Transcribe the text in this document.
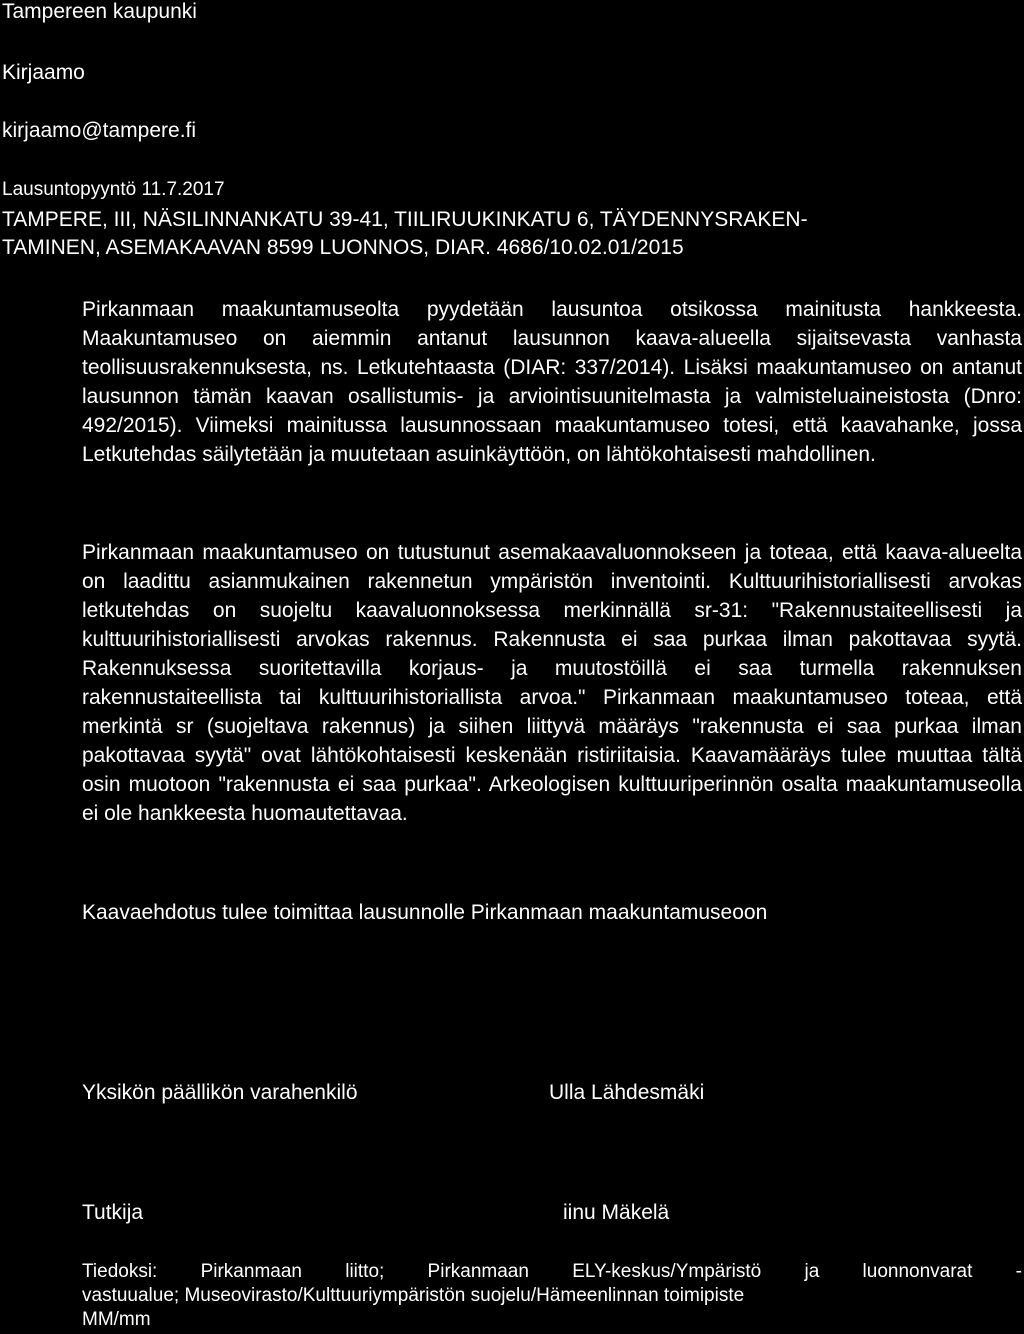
Tampereen kaupunki
Kirjaamo
kirjaamo@tampere.fi
Lausuntopyyntö 11.7.2017
TAMPERE, III, NÄSILINNANKATU 39-41, TIILIRUUKINKATU 6, TÄYDENNYSRAKEN-
TAMINEN, ASEMAKAAVAN 8599 LUONNOS, DIAR. 4686/10.02.01/2015

Pirkanmaan maakuntamuseolta pyydetään lausuntoa otsikossa mainitusta hankkeesta. Maakuntamuseo on aiemmin antanut lausunnon kaava-alueella sijaitsevasta vanhasta teollisuusrakennuksesta, ns. Letkutehtaasta (DIAR: 337/2014). Lisäksi maakuntamuseo on antanut lausunnon tämän kaavan osallistumis- ja arviointisuunitelmasta ja valmisteluaineistosta (Dnro: 492/2015). Viimeksi mainitussa lausunnossaan maakuntamuseo totesi, että kaavahanke, jossa Letkutehdas säilytetään ja muutetaan asuinkäyttöön, on lähtökohtaisesti mahdollinen.

Pirkanmaan maakuntamuseo on tutustunut asemakaavaluonnokseen ja toteaa, että kaava-alueelta on laadittu asianmukainen rakennetun ympäristön inventointi. Kulttuurihistoriallisesti arvokas letkutehdas on suojeltu kaavaluonnoksessa merkinnällä sr-31: "Rakennustaiteellisesti ja kulttuurihistoriallisesti arvokas rakennus. Rakennusta ei saa purkaa ilman pakottavaa syytä. Rakennuksessa suoritettavilla korjaus- ja muutostöillä ei saa turmella rakennuksen rakennustaiteellista tai kulttuurihistoriallista arvoa." Pirkanmaan maakuntamuseo toteaa, että merkintä sr (suojeltava rakennus) ja siihen liittyvä määräys "rakennusta ei saa purkaa ilman pakottavaa syytä" ovat lähtökohtaisesti keskenään ristiriitaisia. Kaavamääräys tulee muuttaa tältä osin muotoon "rakennusta ei saa purkaa". Arkeologisen kulttuuriperinnön osalta maakuntamuseolla ei ole hankkeesta huomautettavaa.

Kaavaehdotus tulee toimittaa lausunnolle Pirkanmaan maakuntamuseoon

Yksikön päällikön varahenkilö	Ulla Lähdesmäki
Tutkija	iinu Mäkelä
Tiedoksi: Pirkanmaan liitto; Pirkanmaan ELY-keskus/Ympäristö ja luonnonvarat -
vastuualue; Museovirasto/Kulttuuriympäristön suojelu/Hämeenlinnan toimipiste
MM/mm
